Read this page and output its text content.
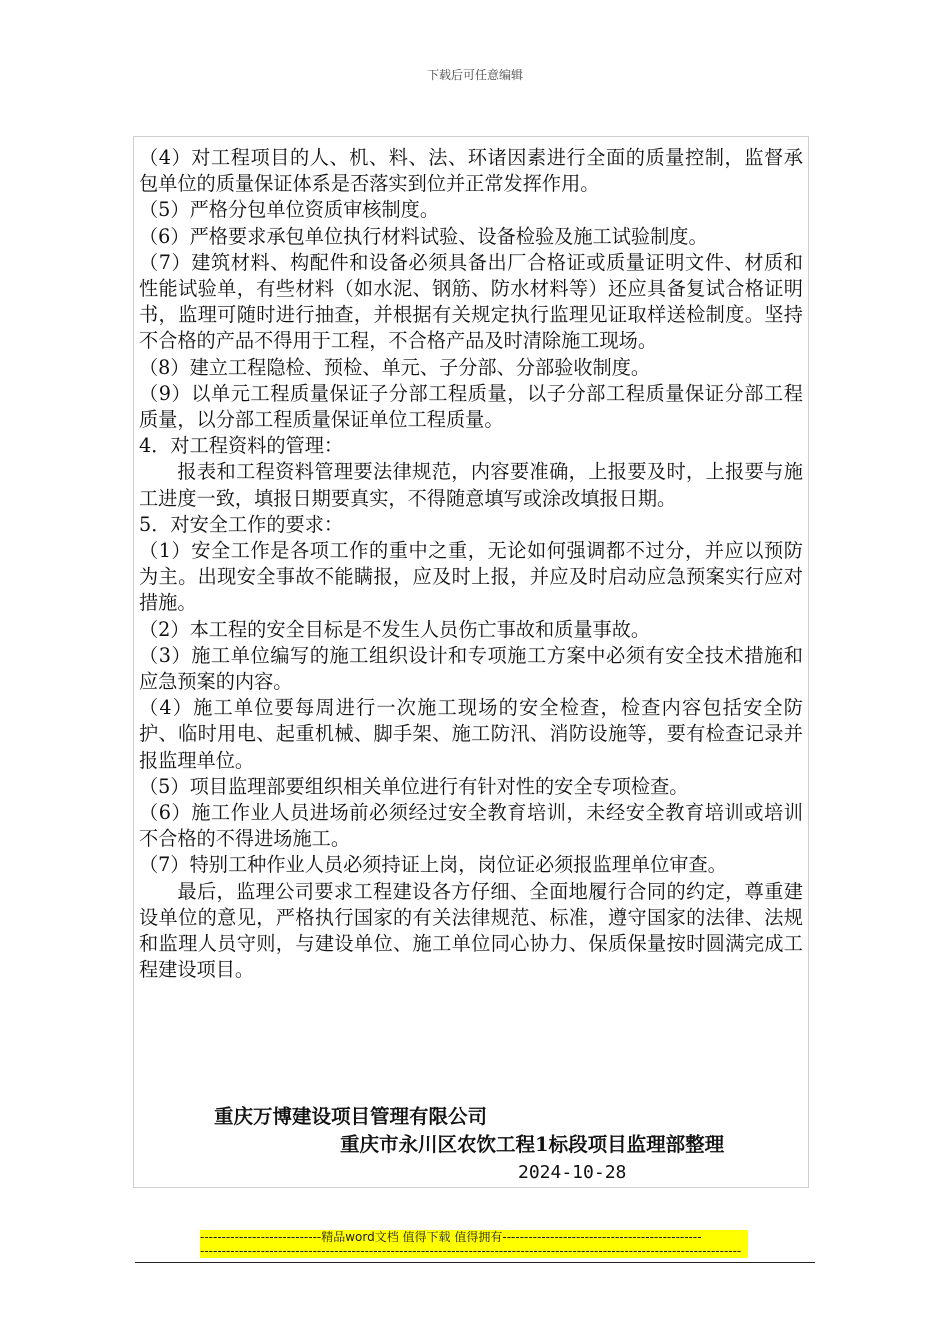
下载后可任意编辑

（4）对工程项目的人、机、料、法、环诸因素进行全面的质量控制，监督承包单位的质量保证体系是否落实到位并正常发挥作用。

（5）严格分包单位资质审核制度。

（6）严格要求承包单位执行材料试验、设备检验及施工试验制度。

（7）建筑材料、构配件和设备必须具备出厂合格证或质量证明文件、材质和性能试验单，有些材料（如水泥、钢筋、防水材料等）还应具备复试合格证明书，监理可随时进行抽查，并根据有关规定执行监理见证取样送检制度。坚持不合格的产品不得用于工程，不合格产品及时清除施工现场。

（8）建立工程隐检、预检、单元、子分部、分部验收制度。

（9）以单元工程质量保证子分部工程质量，以子分部工程质量保证分部工程质量，以分部工程质量保证单位工程质量。

4．对工程资料的管理：

报表和工程资料管理要法律规范，内容要准确，上报要及时，上报要与施工进度一致，填报日期要真实，不得随意填写或涂改填报日期。

5．对安全工作的要求：

（1）安全工作是各项工作的重中之重，无论如何强调都不过分，并应以预防为主。出现安全事故不能瞒报，应及时上报，并应及时启动应急预案实行应对措施。

（2）本工程的安全目标是不发生人员伤亡事故和质量事故。

（3）施工单位编写的施工组织设计和专项施工方案中必须有安全技术措施和应急预案的内容。

（4）施工单位要每周进行一次施工现场的安全检查，检查内容包括安全防护、临时用电、起重机械、脚手架、施工防汛、消防设施等，要有检查记录并报监理单位。

（5）项目监理部要组织相关单位进行有针对性的安全专项检查。

（6）施工作业人员进场前必须经过安全教育培训，未经安全教育培训或培训不合格的不得进场施工。

（7）特别工种作业人员必须持证上岗，岗位证必须报监理单位审查。

最后，监理公司要求工程建设各方仔细、全面地履行合同的约定，尊重建设单位的意见，严格执行国家的有关法律规范、标准，遵守国家的法律、法规和监理人员守则，与建设单位、施工单位同心协力、保质保量按时圆满完成工程建设项目。

重庆万博建设项目管理有限公司
重庆市永川区农饮工程1标段项目监理部整理
2024-10-28
----------------------------精品word文档 值得下载 值得拥有----------------------------------------------
-----------------------------------------------------------------------------------------------------------------------------
